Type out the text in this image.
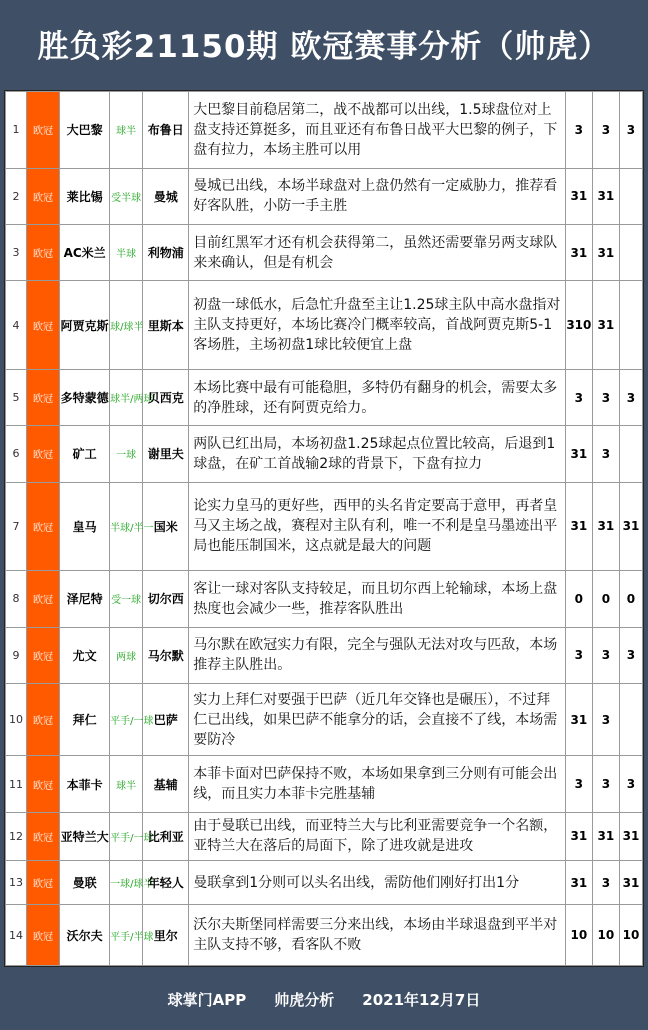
胜负彩21150期 欧冠赛事分析（帅虎）
1	欧冠	大巴黎	球半	布鲁日	大巴黎目前稳居第二，战不战都可以出线，1.5球盘位对上盘支持还算挺多，而且亚还有布鲁日战平大巴黎的例子，下盘有拉力，本场主胜可以用	3	3	3
2	欧冠	莱比锡	受半球	曼城	曼城已出线，本场半球盘对上盘仍然有一定威胁力，推荐看好客队胜，小防一手主胜	31	31	
3	欧冠	AC米兰	半球	利物浦	目前红黑军才还有机会获得第二，虽然还需要靠另两支球队来来确认，但是有机会	31	31	
4	欧冠	阿贾克斯	球/球半	里斯本	初盘一球低水，后急忙升盘至主让1.25球主队中高水盘指对主队支持更好，本场比赛冷门概率较高，首战阿贾克斯5-1客场胜，主场初盘1球比较便宜上盘	310	31	
5	欧冠	多特蒙德	球半/两球	贝西克	本场比赛中最有可能稳胆，多特仍有翻身的机会，需要太多的净胜球，还有阿贾克给力。	3	3	3
6	欧冠	矿工	一球	谢里夫	两队已红出局，本场初盘1.25球起点位置比较高，后退到1球盘，在矿工首战输2球的背景下，下盘有拉力	31	3	
7	欧冠	皇马	半球/半一	国米	论实力皇马的更好些，西甲的头名肯定要高于意甲，再者皇马又主场之战，赛程对主队有利，唯一不利是皇马墨迹出平局也能压制国米，这点就是最大的问题	31	31	31
8	欧冠	泽尼特	受一球	切尔西	客让一球对客队支持较足，而且切尔西上轮输球，本场上盘热度也会减少一些，推荐客队胜出	0	0	0
9	欧冠	尤文	两球	马尔默	马尔默在欧冠实力有限，完全与强队无法对攻与匹敌，本场推荐主队胜出。	3	3	3
10	欧冠	拜仁	平手/一球	巴萨	实力上拜仁对要强于巴萨（近几年交锋也是碾压），不过拜仁已出线，如果巴萨不能拿分的话，会直接不了线，本场需要防冷	31	3	
11	欧冠	本菲卡	球半	基辅	本菲卡面对巴萨保持不败，本场如果拿到三分则有可能会出线，而且实力本菲卡完胜基辅	3	3	3
12	欧冠	亚特兰大	平手/一球	比利亚	由于曼联已出线，而亚特兰大与比利亚需要竞争一个名额，亚特兰大在落后的局面下，除了进攻就是进攻	31	31	31
13	欧冠	曼联	一球/球半	年轻人	曼联拿到1分则可以头名出线，需防他们刚好打出1分	31	3	31
14	欧冠	沃尔夫	平手/半球	里尔	沃尔夫斯堡同样需要三分来出线，本场由半球退盘到平半对主队支持不够，看客队不败	10	10	10
球掌门APP 帅虎分析 2021年12月7日
